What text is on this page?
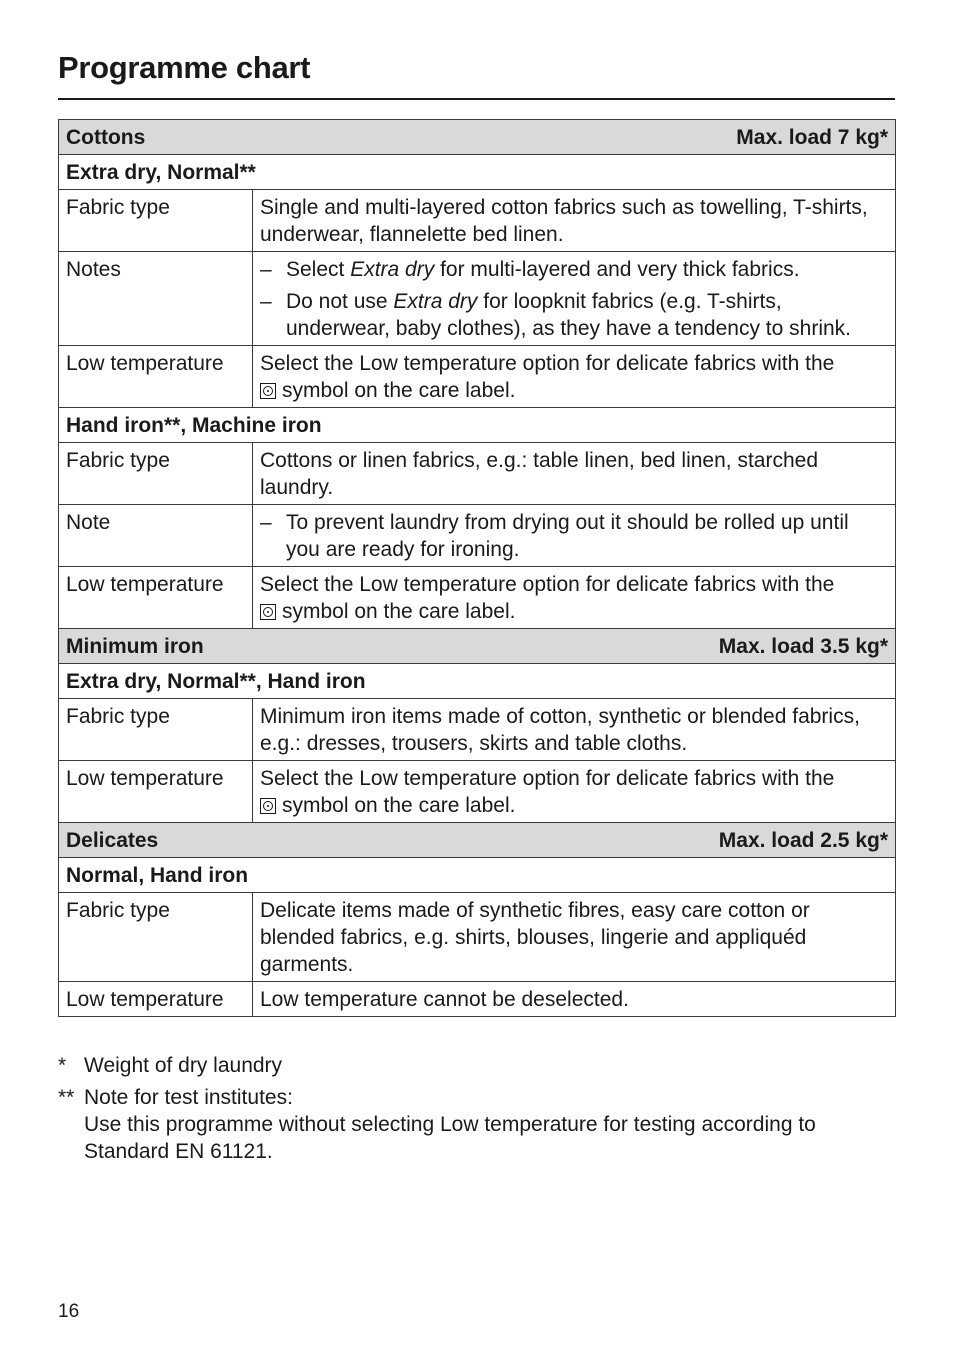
Programme chart
Cottons Max. load 7 kg*	

Extra dry, Normal**	
Fabric type	Single and multi-layered cotton fabrics such as towelling, T-shirts, underwear, flannelette bed linen.
Notes	– Select Extra dry for multi-layered and very thick fabrics.
– Do not use Extra dry for loopknit fabrics (e.g. T-shirts, underwear, baby clothes), as they have a tendency to shrink.

Low temperature	Select the Low temperature option for delicate fabrics with the
symbol on the care label.
Hand iron**, Machine iron	
Fabric type	Cottons or linen fabrics, e.g.: table linen, bed linen, starched laundry.
Note	– To prevent laundry from drying out it should be rolled up until you are ready for ironing.

Low temperature	Select the Low temperature option for delicate fabrics with the
symbol on the care label.
Minimum iron Max. load 3.5 kg*	

Extra dry, Normal**, Hand iron	
Fabric type	Minimum iron items made of cotton, synthetic or blended fabrics, e.g.: dresses, trousers, skirts and table cloths.
Low temperature	Select the Low temperature option for delicate fabrics with the
symbol on the care label.
Delicates Max. load 2.5 kg*	

Normal, Hand iron	
Fabric type	Delicate items made of synthetic fibres, easy care cotton or blended fabrics, e.g. shirts, blouses, lingerie and appliquéd garments.
Low temperature	Low temperature cannot be deselected.
* Weight of dry laundry
** Note for test institutes:
Use this programme without selecting Low temperature for testing according to Standard EN 61121.
16
